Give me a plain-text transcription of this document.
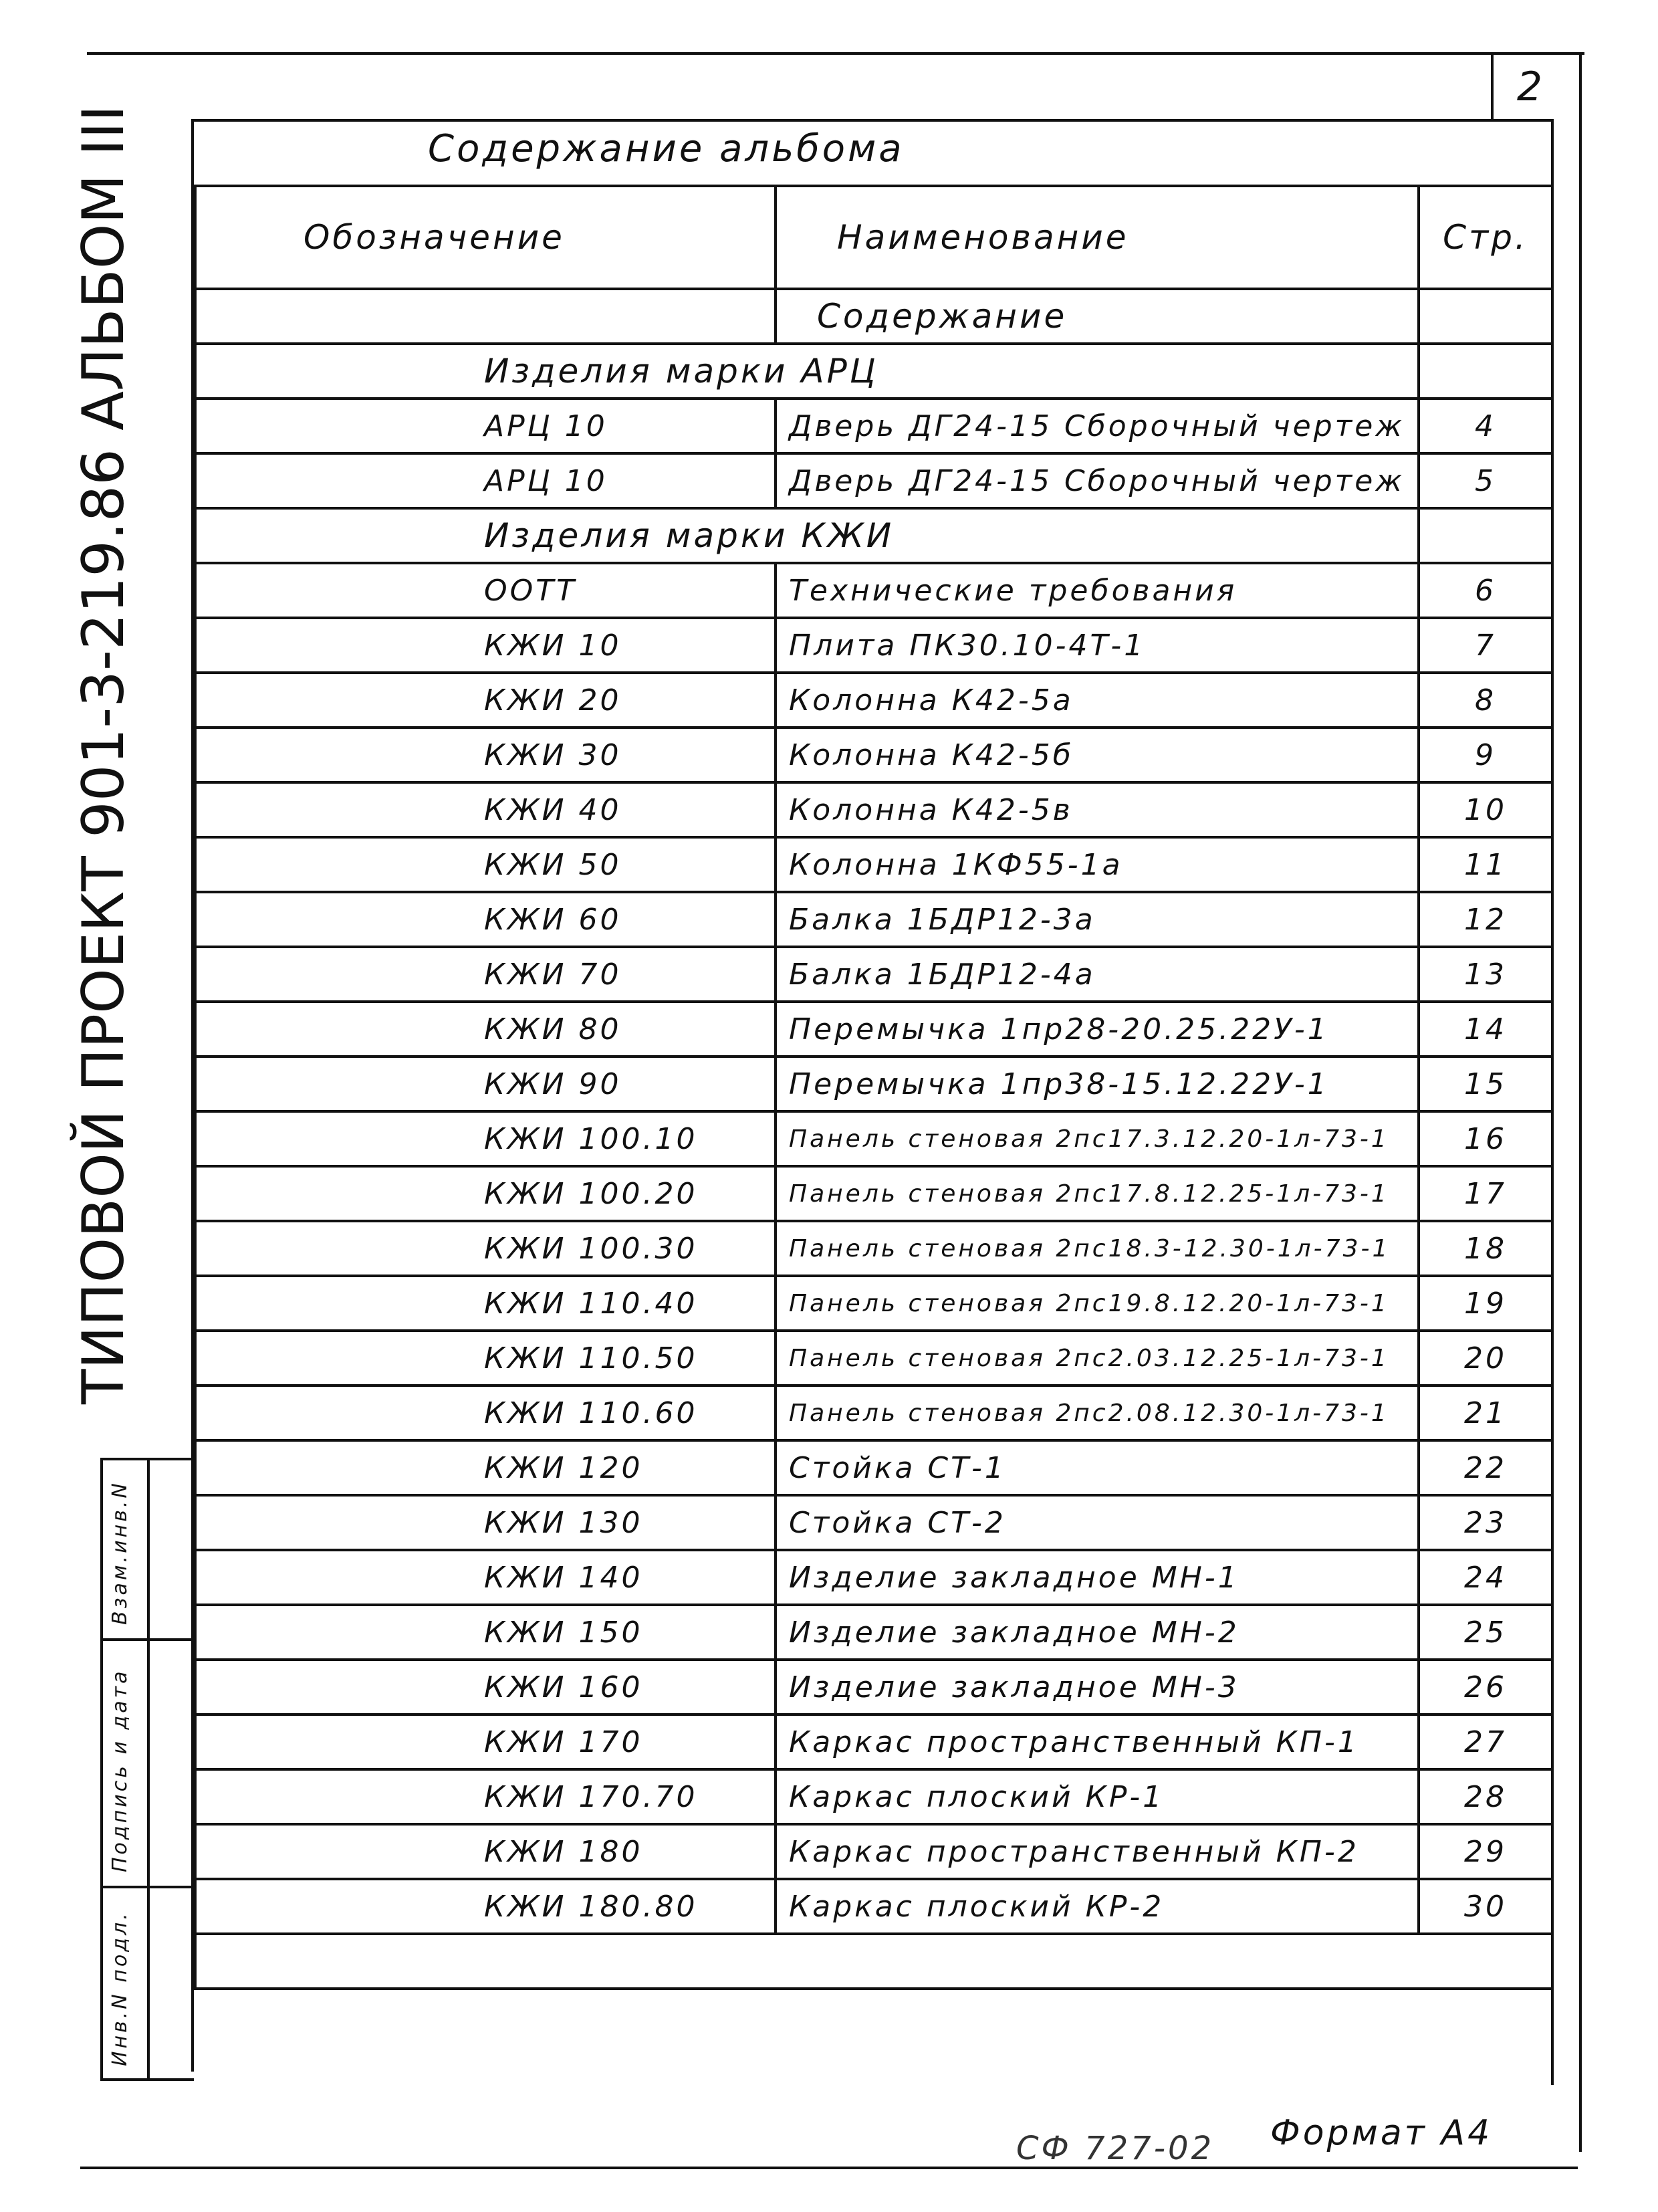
2
Содержание альбома
Обозначение	Наименование	Стр.
	Содержание	
Изделия марки АРЦ		
АРЦ 10	Дверь ДГ24-15 Сборочный чертеж	4
АРЦ 10	Дверь ДГ24-15 Сборочный чертеж	5
Изделия марки КЖИ		
ООТТ	Технические требования	6
КЖИ 10	Плита ПК30.10-4Т-1	7
КЖИ 20	Колонна К42-5а	8
КЖИ 30	Колонна К42-5б	9
КЖИ 40	Колонна К42-5в	10
КЖИ 50	Колонна 1КФ55-1а	11
КЖИ 60	Балка 1БДР12-3а	12
КЖИ 70	Балка 1БДР12-4а	13
КЖИ 80	Перемычка 1пр28-20.25.22У-1	14
КЖИ 90	Перемычка 1пр38-15.12.22У-1	15
КЖИ 100.10	Панель стеновая 2пс17.3.12.20-1л-73-1	16
КЖИ 100.20	Панель стеновая 2пс17.8.12.25-1л-73-1	17
КЖИ 100.30	Панель стеновая 2пс18.3-12.30-1л-73-1	18
КЖИ 110.40	Панель стеновая 2пс19.8.12.20-1л-73-1	19
КЖИ 110.50	Панель стеновая 2пс2.03.12.25-1л-73-1	20
КЖИ 110.60	Панель стеновая 2пс2.08.12.30-1л-73-1	21
КЖИ 120	Стойка СТ-1	22
КЖИ 130	Стойка СТ-2	23
КЖИ 140	Изделие закладное МН-1	24
КЖИ 150	Изделие закладное МН-2	25
КЖИ 160	Изделие закладное МН-3	26
КЖИ 170	Каркас пространственный КП-1	27
КЖИ 170.70	Каркас плоский КР-1	28
КЖИ 180	Каркас пространственный КП-2	29
КЖИ 180.80	Каркас плоский КР-2	30

ТИПОВОЙ ПРОЕКТ 901-3-219.86 АЛЬБОМ III
Взам.инв.N
Подпись и дата
Инв.N подл.
СФ 727-02 Формат А4
